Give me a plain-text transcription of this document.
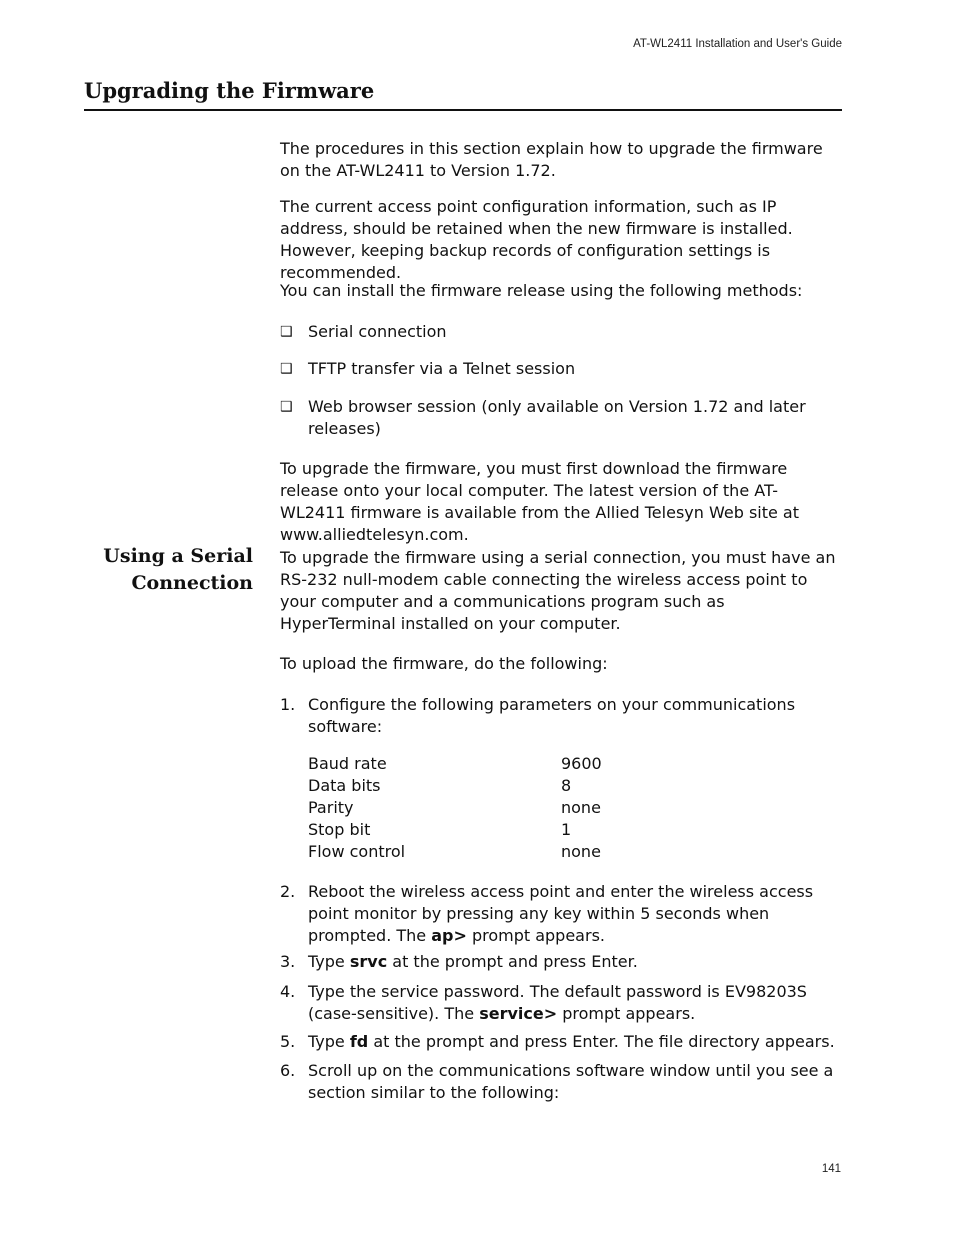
AT-WL2411 Installation and User's Guide
Upgrading the Firmware

The procedures in this section explain how to upgrade the firmware on the AT-WL2411 to Version 1.72.

The current access point configuration information, such as IP address, should be retained when the new firmware is installed. However, keeping backup records of configuration settings is recommended.

You can install the firmware release using the following methods:

❑ Serial connection
❑ TFTP transfer via a Telnet session
❑ Web browser session (only available on Version 1.72 and later releases)

To upgrade the firmware, you must first download the firmware release onto your local computer. The latest version of the AT-WL2411 firmware is available from the Allied Telesyn Web site at www.alliedtelesyn.com.

Using a Serial
Connection

To upgrade the firmware using a serial connection, you must have an RS-232 null-modem cable connecting the wireless access point to your computer and a communications program such as HyperTerminal installed on your computer.

To upload the firmware, do the following:

1. Configure the following parameters on your communications software:
Baud rate	9600
Data bits	8
Parity	none
Stop bit	1
Flow control	none
2. Reboot the wireless access point and enter the wireless access point monitor by pressing any key within 5 seconds when prompted. The ap> prompt appears.
3. Type srvc at the prompt and press Enter.
4. Type the service password. The default password is EV98203S (case-sensitive). The service> prompt appears.
5. Type fd at the prompt and press Enter. The file directory appears.
6. Scroll up on the communications software window until you see a section similar to the following:
141
